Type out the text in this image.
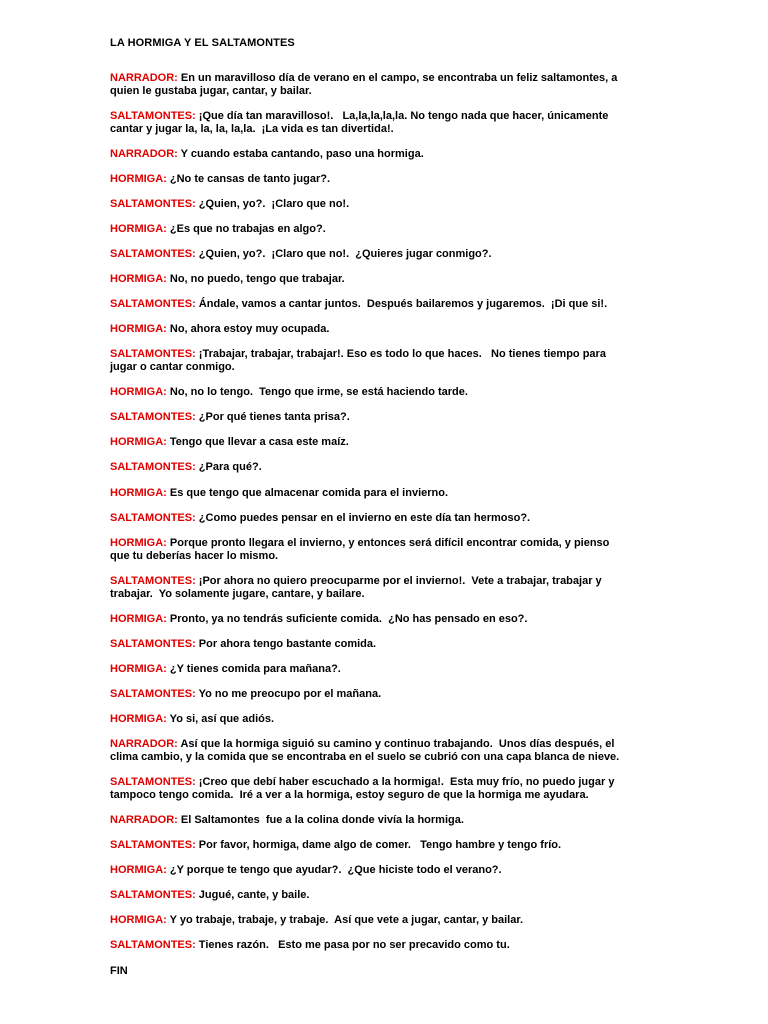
LA HORMIGA Y EL SALTAMONTES
NARRADOR: En un maravilloso día de verano en el campo, se encontraba un feliz saltamontes, a
quien le gustaba jugar, cantar, y bailar.
SALTAMONTES: ¡Que día tan maravilloso!.   La,la,la,la,la. No tengo nada que hacer, únicamente
cantar y jugar la, la, la, la,la.  ¡La vida es tan divertida!.
NARRADOR: Y cuando estaba cantando, paso una hormiga.
HORMIGA: ¿No te cansas de tanto jugar?.
SALTAMONTES: ¿Quien, yo?.  ¡Claro que no!.
HORMIGA: ¿Es que no trabajas en algo?.
SALTAMONTES: ¿Quien, yo?.  ¡Claro que no!.  ¿Quieres jugar conmigo?.
HORMIGA: No, no puedo, tengo que trabajar.
SALTAMONTES: Ándale, vamos a cantar juntos.  Después bailaremos y jugaremos.  ¡Di que si!.
HORMIGA: No, ahora estoy muy ocupada.
SALTAMONTES: ¡Trabajar, trabajar, trabajar!. Eso es todo lo que haces.   No tienes tiempo para
jugar o cantar conmigo.
HORMIGA: No, no lo tengo.  Tengo que irme, se está haciendo tarde.
SALTAMONTES: ¿Por qué tienes tanta prisa?.
HORMIGA: Tengo que llevar a casa este maíz.
SALTAMONTES: ¿Para qué?.
HORMIGA: Es que tengo que almacenar comida para el invierno.
SALTAMONTES: ¿Como puedes pensar en el invierno en este día tan hermoso?.
HORMIGA: Porque pronto llegara el invierno, y entonces será difícil encontrar comida, y pienso
que tu deberías hacer lo mismo.
SALTAMONTES: ¡Por ahora no quiero preocuparme por el invierno!.  Vete a trabajar, trabajar y
trabajar.  Yo solamente jugare, cantare, y bailare.
HORMIGA: Pronto, ya no tendrás suficiente comida.  ¿No has pensado en eso?.
SALTAMONTES: Por ahora tengo bastante comida.
HORMIGA: ¿Y tienes comida para mañana?.
SALTAMONTES: Yo no me preocupo por el mañana.
HORMIGA: Yo si, así que adiós.
NARRADOR: Así que la hormiga siguió su camino y continuo trabajando.  Unos días después, el
clima cambio, y la comida que se encontraba en el suelo se cubrió con una capa blanca de nieve.
SALTAMONTES: ¡Creo que debí haber escuchado a la hormiga!.  Esta muy frío, no puedo jugar y
tampoco tengo comida.  Iré a ver a la hormiga, estoy seguro de que la hormiga me ayudara.
NARRADOR: El Saltamontes  fue a la colina donde vivía la hormiga.
SALTAMONTES: Por favor, hormiga, dame algo de comer.   Tengo hambre y tengo frío.
HORMIGA: ¿Y porque te tengo que ayudar?.  ¿Que hiciste todo el verano?.
SALTAMONTES: Jugué, cante, y baile.
HORMIGA: Y yo trabaje, trabaje, y trabaje.  Así que vete a jugar, cantar, y bailar.
SALTAMONTES: Tienes razón.   Esto me pasa por no ser precavido como tu.
FIN
